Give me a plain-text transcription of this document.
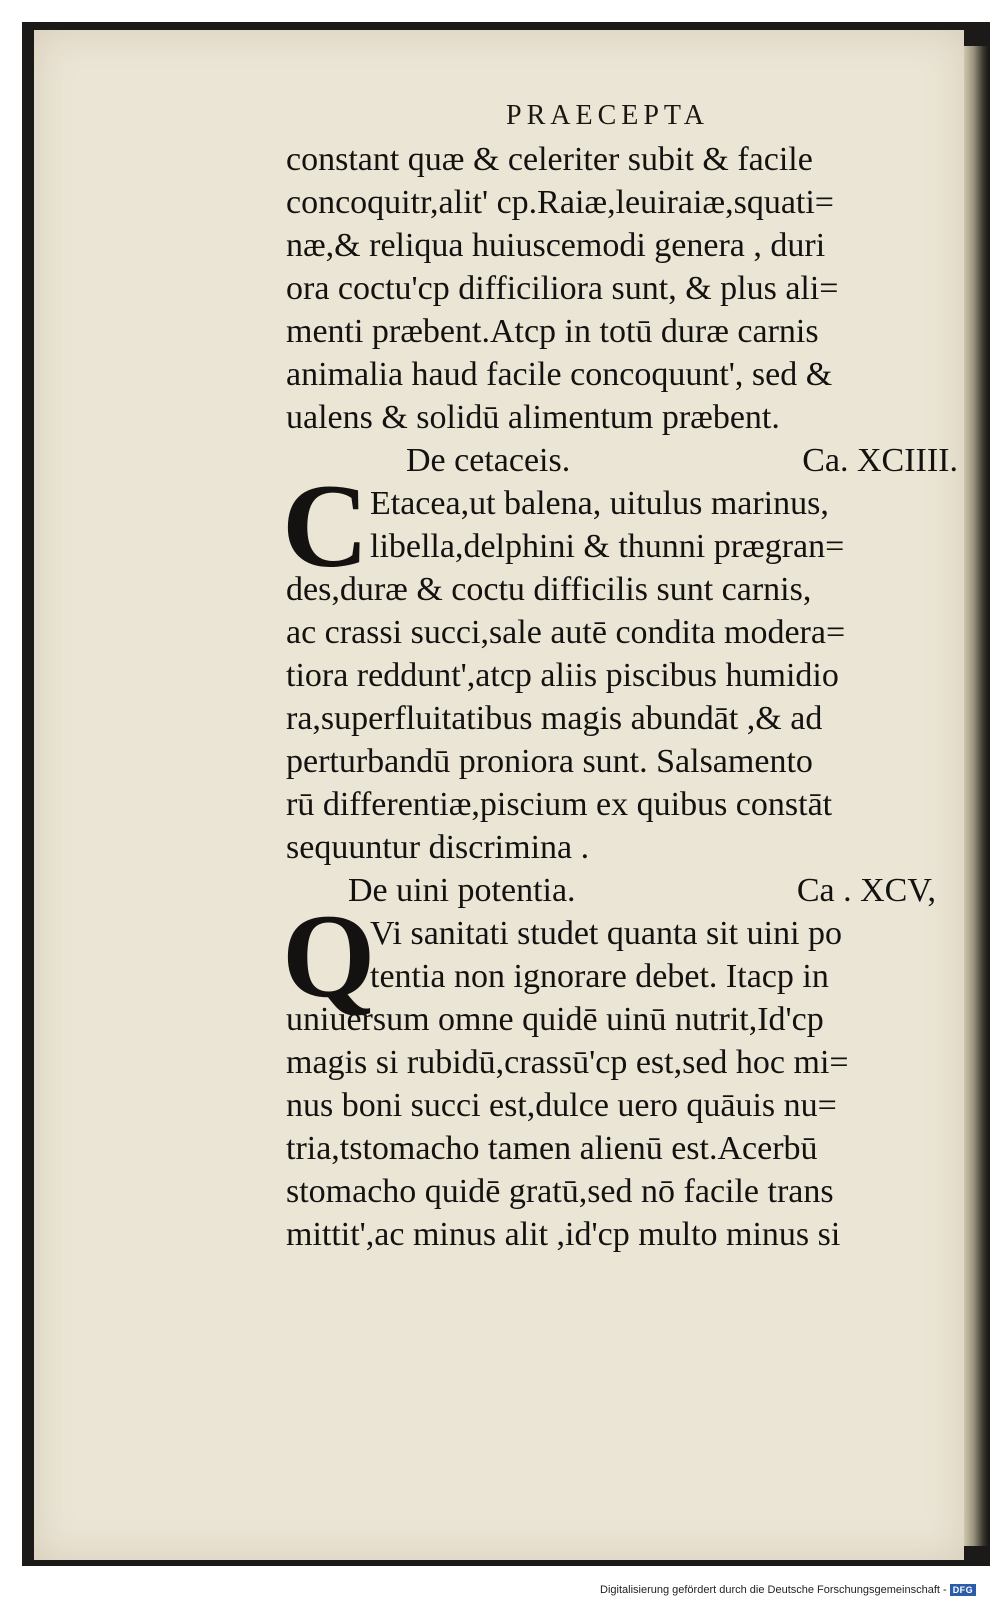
PRAECEPTA
constant quæ & celeriter subit & facile
concoquitr,alit' cp.Raiæ,leuiraiæ,squati=
næ,& reliqua huiuscemodi genera , duri
ora coctu'cp difficiliora sunt, & plus ali=
menti præbent.Atcp in totū duræ carnis
animalia haud facile concoquunt', sed &
ualens & solidū alimentum præbent.
De cetaceis.	Ca. XCIIII.
C Etacea,ut balena, uitulus marinus,
libella,delphini & thunni prægran=
des,duræ & coctu difficilis sunt carnis,
ac crassi succi,sale autē condita modera=
tiora reddunt',atcp aliis piscibus humidio
ra,superfluitatibus magis abundāt ,& ad
perturbandū proniora sunt. Salsamento
rū differentiæ,piscium ex quibus constāt
sequuntur discrimina .
De uini potentia.	Ca . XCV,
Q
Vi sanitati studet quanta sit uini po
tentia non ignorare debet. Itacp in
uniuersum omne quidē uinū nutrit,Id'cp
magis si rubidū,crassū'cp est,sed hoc mi=
nus boni succi est,dulce uero quāuis nu=
tria,tstomacho tamen alienū est.Acerbū
stomacho quidē gratū,sed nō facile trans
mittit',ac minus alit ,id'cp multo minus si
Digitalisierung gefördert durch die Deutsche Forschungsgemeinschaft - DFG
